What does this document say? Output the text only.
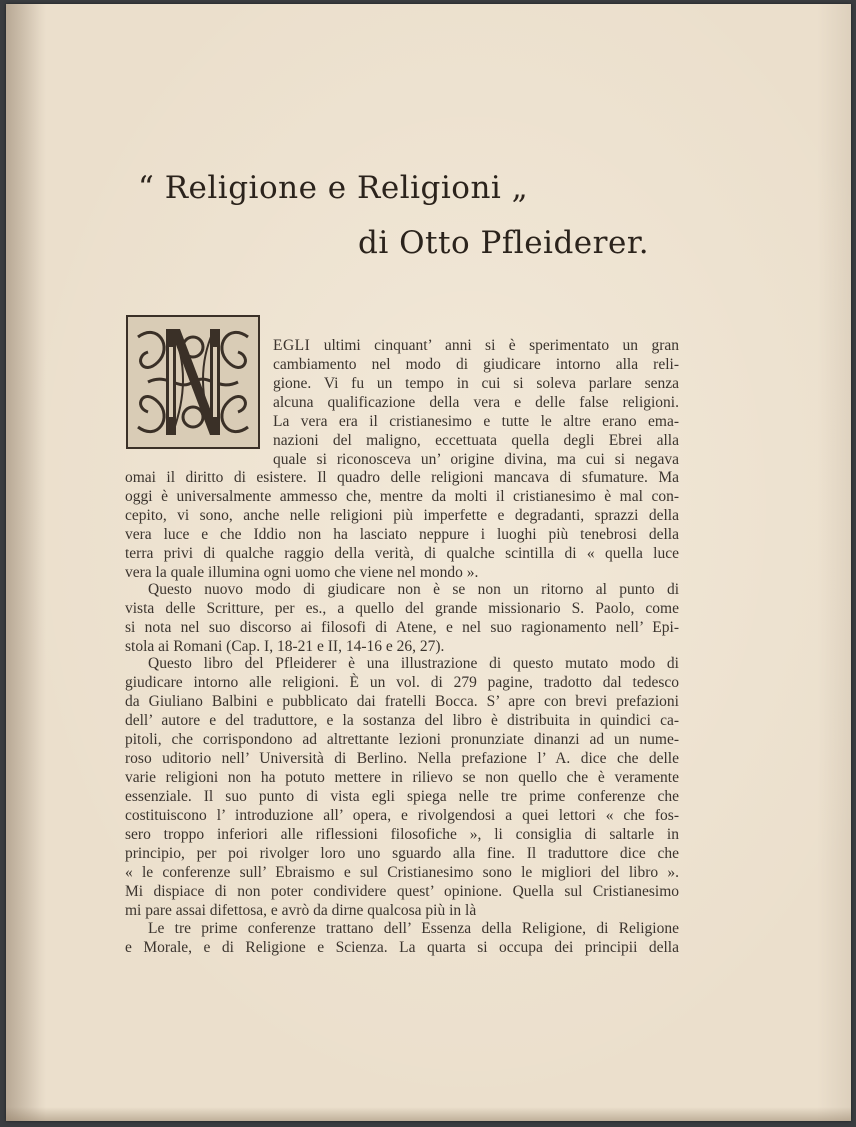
“ Religione e Religioni „
di Otto Pfleiderer.
EGLI ultimi cinquant’ anni si è sperimentato un gran
cambiamento nel modo di giudicare intorno alla reli-
gione. Vi fu un tempo in cui si soleva parlare senza
alcuna qualificazione della vera e delle false religioni.
La vera era il cristianesimo e tutte le altre erano ema-
nazioni del maligno, eccettuata quella degli Ebrei alla
quale si riconosceva un’ origine divina, ma cui si negava
omai il diritto di esistere. Il quadro delle religioni mancava di sfumature. Ma
oggi è universalmente ammesso che, mentre da molti il cristianesimo è mal con-
cepito, vi sono, anche nelle religioni più imperfette e degradanti, sprazzi della
vera luce e che Iddio non ha lasciato neppure i luoghi più tenebrosi della
terra privi di qualche raggio della verità, di qualche scintilla di « quella luce
vera la quale illumina ogni uomo che viene nel mondo ».
Questo nuovo modo di giudicare non è se non un ritorno al punto di
vista delle Scritture, per es., a quello del grande missionario S. Paolo, come
si nota nel suo discorso ai filosofi di Atene, e nel suo ragionamento nell’ Epi-
stola ai Romani (Cap. I, 18-21 e II, 14-16 e 26, 27).
Questo libro del Pfleiderer è una illustrazione di questo mutato modo di
giudicare intorno alle religioni. È un vol. di 279 pagine, tradotto dal tedesco
da Giuliano Balbini e pubblicato dai fratelli Bocca. S’ apre con brevi prefazioni
dell’ autore e del traduttore, e la sostanza del libro è distribuita in quindici ca-
pitoli, che corrispondono ad altrettante lezioni pronunziate dinanzi ad un nume-
roso uditorio nell’ Università di Berlino. Nella prefazione l’ A. dice che delle
varie religioni non ha potuto mettere in rilievo se non quello che è veramente
essenziale. Il suo punto di vista egli spiega nelle tre prime conferenze che
costituiscono l’ introduzione all’ opera, e rivolgendosi a quei lettori « che fos-
sero troppo inferiori alle riflessioni filosofiche », li consiglia di saltarle in
principio, per poi rivolger loro uno sguardo alla fine. Il traduttore dice che
« le conferenze sull’ Ebraismo e sul Cristianesimo sono le migliori del libro ».
Mi dispiace di non poter condividere quest’ opinione. Quella sul Cristianesimo
mi pare assai difettosa, e avrò da dirne qualcosa più in là
Le tre prime conferenze trattano dell’ Essenza della Religione, di Religione
e Morale, e di Religione e Scienza. La quarta si occupa dei principii della
